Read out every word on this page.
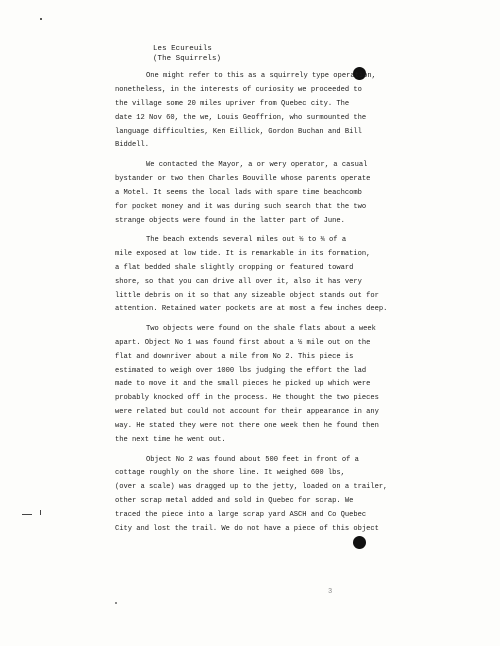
Les Ecureuils
(The Squirrels)
One might refer to this as a squirrely type operation,
nonetheless, in the interests of curiosity we proceeded to
the village some 20 miles upriver from Quebec city. The
date 12 Nov 60, the we, Louis Geoffrion, who surmounted the
language difficulties, Ken Eillick, Gordon Buchan and Bill
Biddell.
We contacted the Mayor, a or wery operator, a casual
bystander or two then Charles Bouville whose parents operate
a Motel. It seems the local lads with spare time beachcomb
for pocket money and it was during such search that the two
strange objects were found in the latter part of June.
The beach extends several miles out ½ to ¾ of a
mile exposed at low tide. It is remarkable in its formation,
a flat bedded shale slightly cropping or featured toward
shore, so that you can drive all over it, also it has very
little debris on it so that any sizeable object stands out for
attention. Retained water pockets are at most a few inches deep.
Two objects were found on the shale flats about a week
apart. Object No 1 was found first about a ½ mile out on the
flat and downriver about a mile from No 2. This piece is
estimated to weigh over 1000 lbs judging the effort the lad
made to move it and the small pieces he picked up which were
probably knocked off in the process. He thought the two pieces
were related but could not account for their appearance in any
way. He stated they were not there one week then he found then
the next time he went out.
Object No 2 was found about 500 feet in front of a
cottage roughly on the shore line. It weighed 600 lbs,
(over a scale) was dragged up to the jetty, loaded on a trailer,
other scrap metal added and sold in Quebec for scrap. We
traced the piece into a large scrap yard ASCH and Co Quebec
City and lost the trail. We do not have a piece of this object
3
